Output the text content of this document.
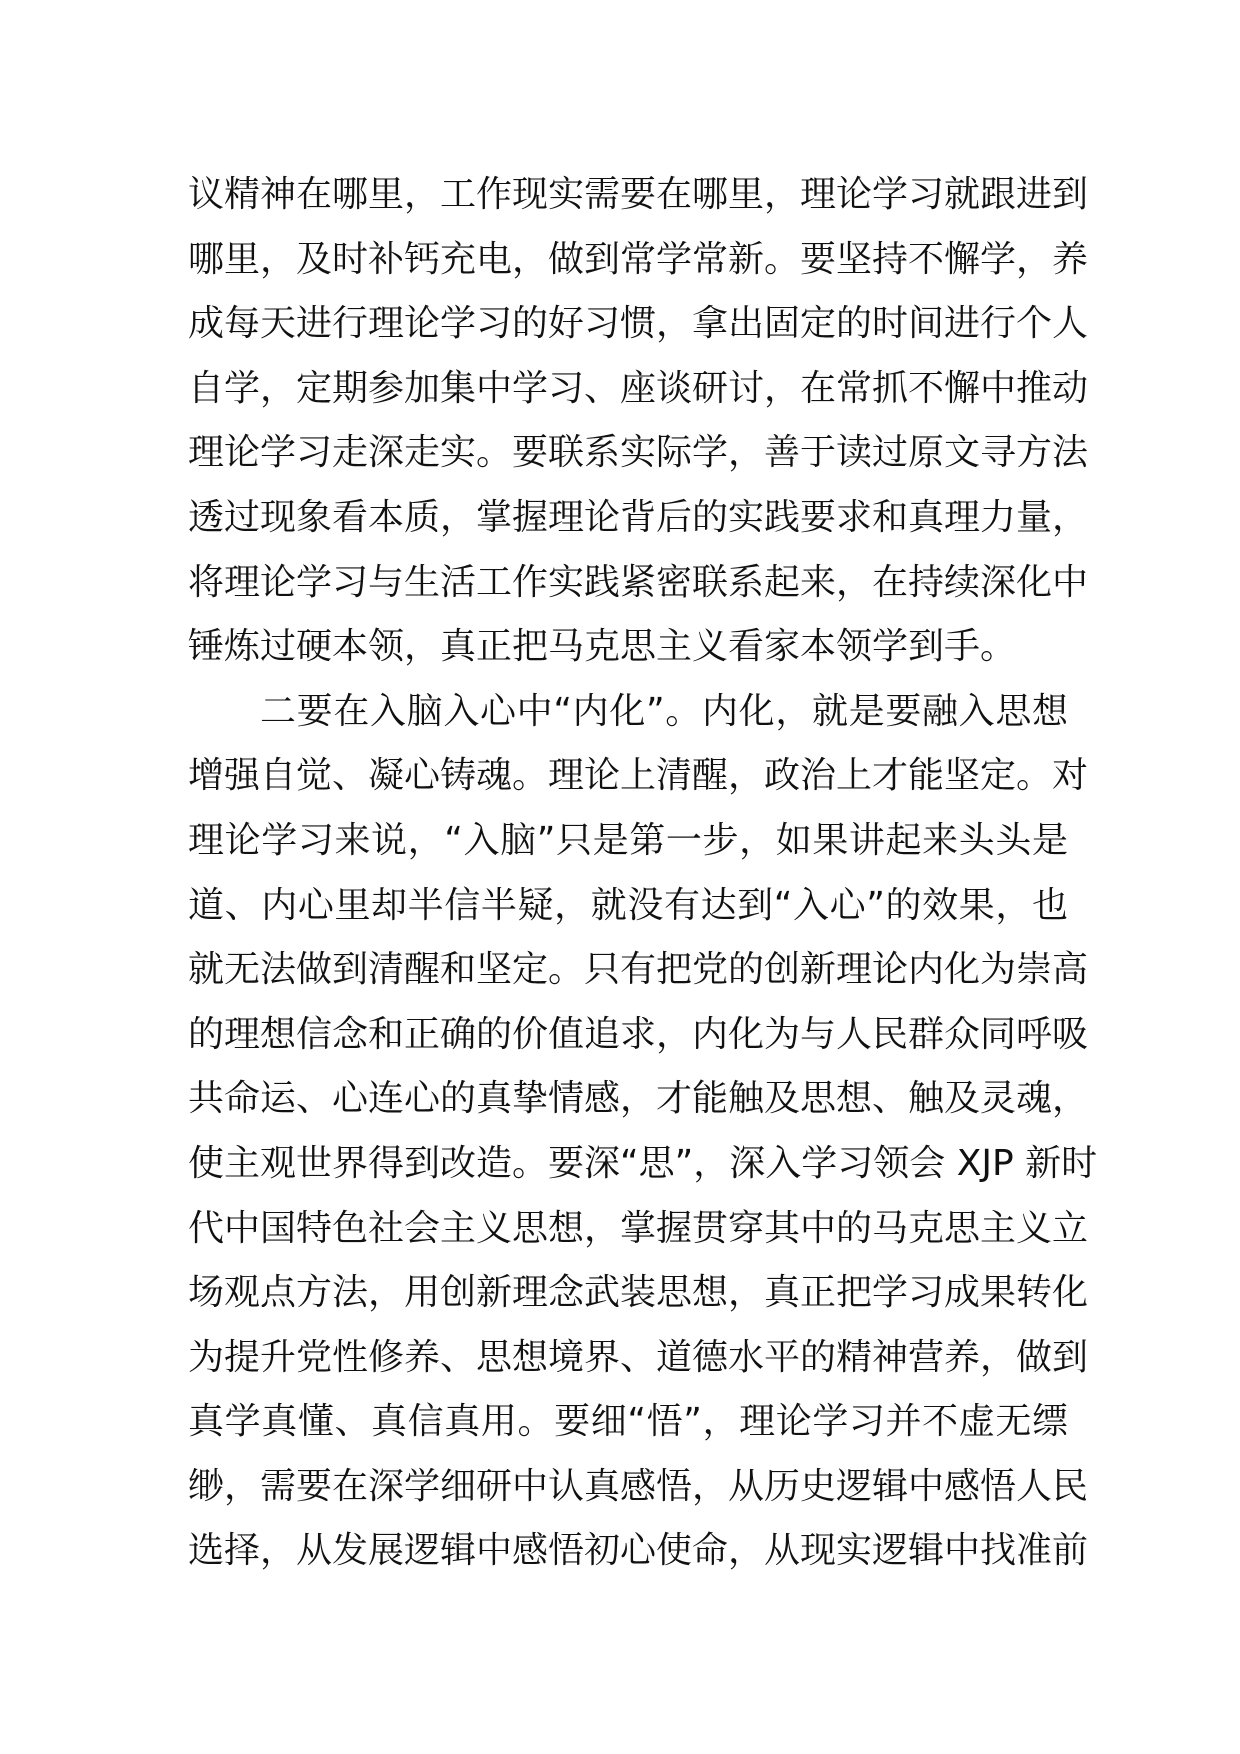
议精神在哪里，工作现实需要在哪里，理论学习就跟进到
哪里，及时补钙充电，做到常学常新。要坚持不懈学，养
成每天进行理论学习的好习惯，拿出固定的时间进行个人
自学，定期参加集中学习、座谈研讨，在常抓不懈中推动
理论学习走深走实。要联系实际学，善于读过原文寻方法
透过现象看本质，掌握理论背后的实践要求和真理力量，
将理论学习与生活工作实践紧密联系起来，在持续深化中
锤炼过硬本领，真正把马克思主义看家本领学到手。
二要在入脑入心中“内化”。内化，就是要融入思想
增强自觉、凝心铸魂。理论上清醒，政治上才能坚定。对
理论学习来说，“入脑”只是第一步，如果讲起来头头是
道、内心里却半信半疑，就没有达到“入心”的效果，也
就无法做到清醒和坚定。只有把党的创新理论内化为崇高
的理想信念和正确的价值追求，内化为与人民群众同呼吸
共命运、心连心的真挚情感，才能触及思想、触及灵魂，
使主观世界得到改造。要深“思”，深入学习领会 XJP 新时
代中国特色社会主义思想，掌握贯穿其中的马克思主义立
场观点方法，用创新理念武装思想，真正把学习成果转化
为提升党性修养、思想境界、道德水平的精神营养，做到
真学真懂、真信真用。要细“悟”，理论学习并不虚无缥
缈，需要在深学细研中认真感悟，从历史逻辑中感悟人民
选择，从发展逻辑中感悟初心使命，从现实逻辑中找准前
